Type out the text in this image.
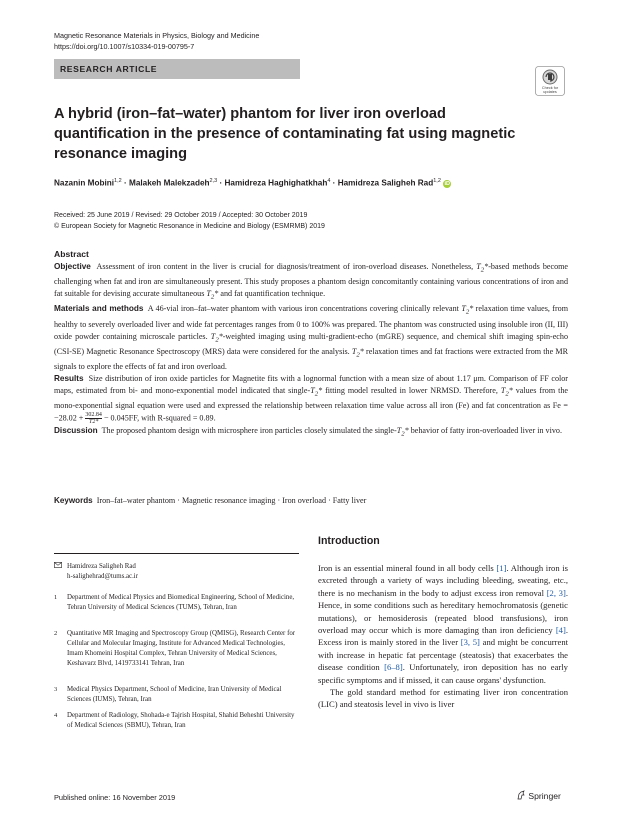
Magnetic Resonance Materials in Physics, Biology and Medicine
https://doi.org/10.1007/s10334-019-00795-7
RESEARCH ARTICLE
Check for
updates
A hybrid (iron–fat–water) phantom for liver iron overload quantification in the presence of contaminating fat using magnetic resonance imaging
Nazanin Mobini$^{1,2}$ · Malakeh Malekzadeh$^{2,3}$ · Hamidreza Haghighatkhah$^4$ · Hamidreza Saligheh Rad$^{1,2}$ iD
Received: 25 June 2019 / Revised: 29 October 2019 / Accepted: 30 October 2019
© European Society for Magnetic Resonance in Medicine and Biology (ESMRMB) 2019
Abstract

Objective Assessment of iron content in the liver is crucial for diagnosis/treatment of iron-overload diseases. Nonetheless, $T_2*$-based methods become challenging when fat and iron are simultaneously present. This study proposes a phantom design concomitantly containing various concentrations of iron and fat suitable for devising accurate simultaneous $T_2*$ and fat quantification technique.

Materials and methods A 46-vial iron–fat–water phantom with various iron concentrations covering clinically relevant $T_2*$ relaxation time values, from healthy to severely overloaded liver and wide fat percentages ranges from 0 to 100% was prepared. The phantom was constructed using insoluble iron (II, III) oxide powder containing microscale particles. $T_2*$-weighted imaging using multi-gradient-echo (mGRE) sequence, and chemical shift imaging spin-echo (CSI-SE) Magnetic Resonance Spectroscopy (MRS) data were considered for the analysis. $T_2*$ relaxation times and fat fractions were extracted from the MR signals to explore the effects of fat and iron overload.

Results Size distribution of iron oxide particles for Magnetite fits with a lognormal function with a mean size of about 1.17 μm. Comparison of FF color maps, estimated from bi- and mono-exponential model indicated that single-$T_2*$ fitting model resulted in lower NRMSD. Therefore, $T_2*$ values from the mono-exponential signal equation were used and expressed the relationship between relaxation time value across all iron (Fe) and fat concentration as $Fe = -28.02 + \frac{302.84}{T2*} - 0.045FF$, with R-squared = 0.89.

Discussion The proposed phantom design with microsphere iron particles closely simulated the single-$T_2*$ behavior of fatty iron-overloaded liver in vivo.

Keywords Iron–fat–water phantom · Magnetic resonance imaging · Iron overload · Fatty liver
Hamidreza Saligheh Rad
h-salighehrad@tums.ac.ir
1 Department of Medical Physics and Biomedical Engineering, School of Medicine, Tehran University of Medical Sciences (TUMS), Tehran, Iran
2 Quantitative MR Imaging and Spectroscopy Group (QMISG), Research Center for Cellular and Molecular Imaging, Institute for Advanced Medical Technologies, Imam Khomeini Hospital Complex, Tehran University of Medical Sciences, Keshavarz Blvd, 1419733141 Tehran, Iran
3 Medical Physics Department, School of Medicine, Iran University of Medical Sciences (IUMS), Tehran, Iran
4 Department of Radiology, Shohada-e Tajrish Hospital, Shahid Beheshti University of Medical Sciences (SBMU), Tehran, Iran
Introduction

Iron is an essential mineral found in all body cells [1]. Although iron is excreted through a variety of ways including bleeding, sweating, etc., there is no mechanism in the body to adjust excess iron removal [2, 3]. Hence, in some conditions such as hereditary hemochromatosis (genetic mutations), or hemosiderosis (repeated blood transfusions), iron overload may occur which is more damaging than iron deficiency [4]. Excess iron is mainly stored in the liver [3, 5] and might be concurrent with increase in hepatic fat percentage (steatosis) that exacerbates the disease condition [6–8]. Unfortunately, iron deposition has no early specific symptoms and if missed, it can cause organs' dysfunction.

The gold standard method for estimating liver iron concentration (LIC) and steatosis level in vivo is liver

Published online: 16 November 2019	Springer
